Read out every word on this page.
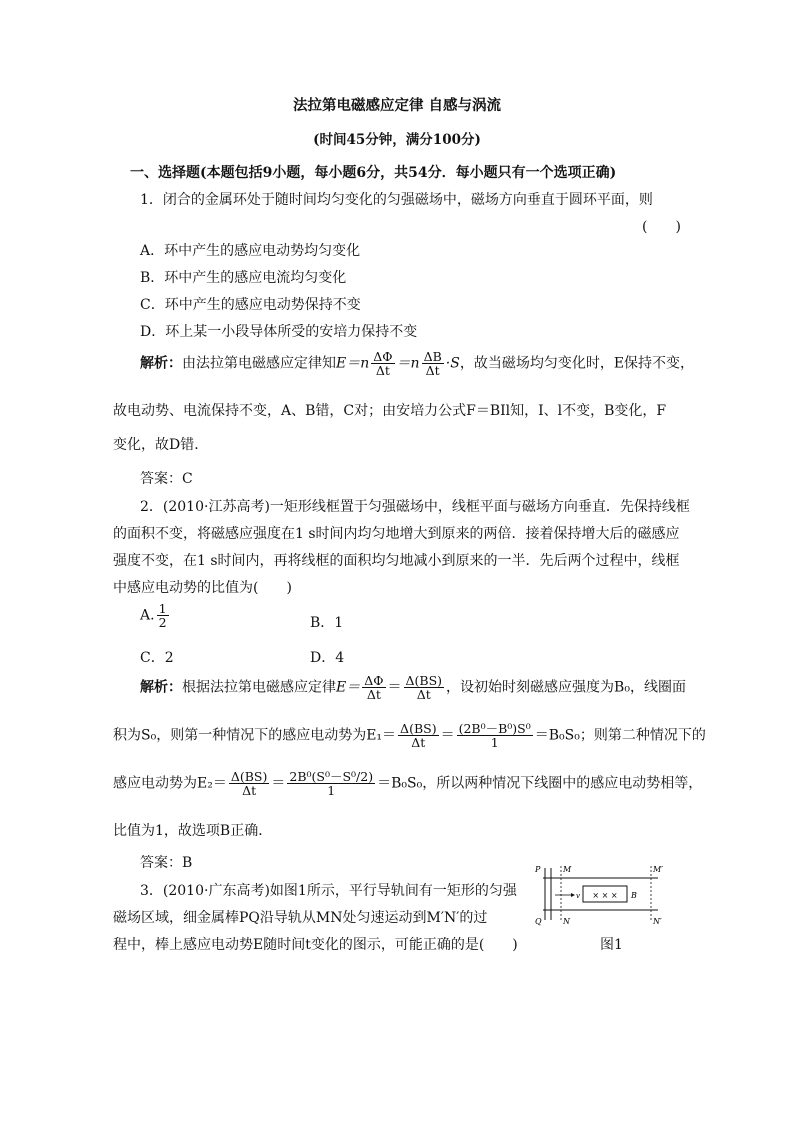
法拉第电磁感应定律 自感与涡流
(时间45分钟，满分100分)
一、选择题(本题包括9小题，每小题6分，共54分．每小题只有一个选项正确)
1．闭合的金属环处于随时间均匀变化的匀强磁场中，磁场方向垂直于圆环平面，则
(　　)
A．环中产生的感应电动势均匀变化
B．环中产生的感应电流均匀变化
C．环中产生的感应电动势保持不变
D．环上某一小段导体所受的安培力保持不变
解析：由法拉第电磁感应定律知$E=n \frac{\Delta\Phi}{\Delta t} =n \frac{\Delta B}{\Delta t} \cdot S$，故当磁场均匀变化时，E保持不变，
故电动势、电流保持不变，A、B错，C对；由安培力公式F＝BIl知，I、l不变，B变化，F
变化，故D错．
答案：C
2．(2010·江苏高考)一矩形线框置于匀强磁场中，线框平面与磁场方向垂直．先保持线框
的面积不变，将磁感应强度在1 s时间内均匀地增大到原来的两倍．接着保持增大后的磁感应
强度不变，在1 s时间内，再将线框的面积均匀地减小到原来的一半．先后两个过程中，线框
中感应电动势的比值为(　　)
A. $\frac{1}{2}$	B．1
C．2	D．4
解析：根据法拉第电磁感应定律$E= \frac{\Delta\Phi}{\Delta t} = \frac{\Delta(BS)}{\Delta t}$ ，设初始时刻磁感应强度为B₀，线圈面
积为S₀，则第一种情况下的感应电动势为$E_1= \frac{\Delta(BS)}{\Delta t} = \frac{\text{(2B⁰－B⁰)S⁰}}{1} =B_0S_0$；则第二种情况下的
感应电动势为$E_2= \frac{\Delta(BS)}{\Delta t} = \frac{\text{2B⁰(S⁰－S⁰/2)}}{1} =B_0S_0$，所以两种情况下线圈中的感应电动势相等，
比值为1，故选项B正确．
答案：B
3．(2010·广东高考)如图1所示，平行导轨间有一矩形的匀强
磁场区域，细金属棒PQ沿导轨从MN处匀速运动到M′N′的过
程中，棒上感应电动势E随时间t变化的图示，可能正确的是(　　)
× × ×
v	B
P
Q
M
N
M′
N′
图1
